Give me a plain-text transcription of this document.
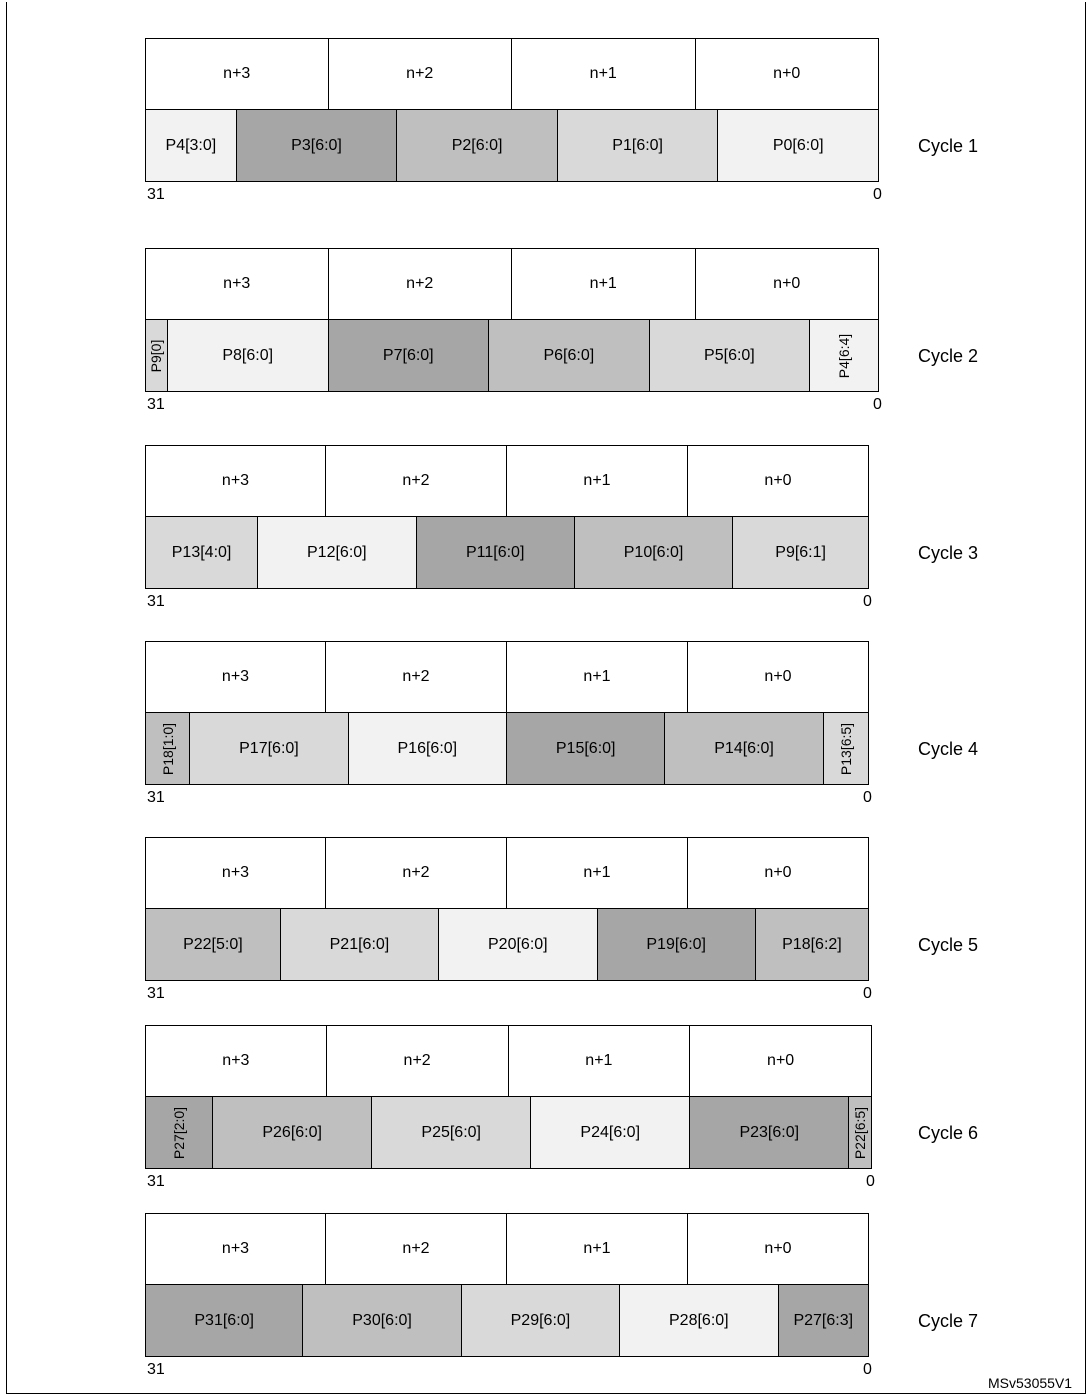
n+3	n+2	n+1	n+0
P4[3:0]	P3[6:0]	P2[6:0]	P1[6:0]	P0[6:0]
31	0
Cycle 1
n+3	n+2	n+1	n+0
P9[0]	P8[6:0]	P7[6:0]	P6[6:0]	P5[6:0]	P4[6:4]
31	0
Cycle 2
n+3	n+2	n+1	n+0
P13[4:0]	P12[6:0]	P11[6:0]	P10[6:0]	P9[6:1]
31	0
Cycle 3
n+3	n+2	n+1	n+0
P18[1:0]	P17[6:0]	P16[6:0]	P15[6:0]	P14[6:0]	P13[6:5]
31	0
Cycle 4
n+3	n+2	n+1	n+0
P22[5:0]	P21[6:0]	P20[6:0]	P19[6:0]	P18[6:2]
31	0
Cycle 5
n+3	n+2	n+1	n+0
P27[2:0]	P26[6:0]	P25[6:0]	P24[6:0]	P23[6:0]	P22[6:5]
31	0
Cycle 6
n+3	n+2	n+1	n+0
P31[6:0]	P30[6:0]	P29[6:0]	P28[6:0]	P27[6:3]
31	0
Cycle 7
MSv53055V1
